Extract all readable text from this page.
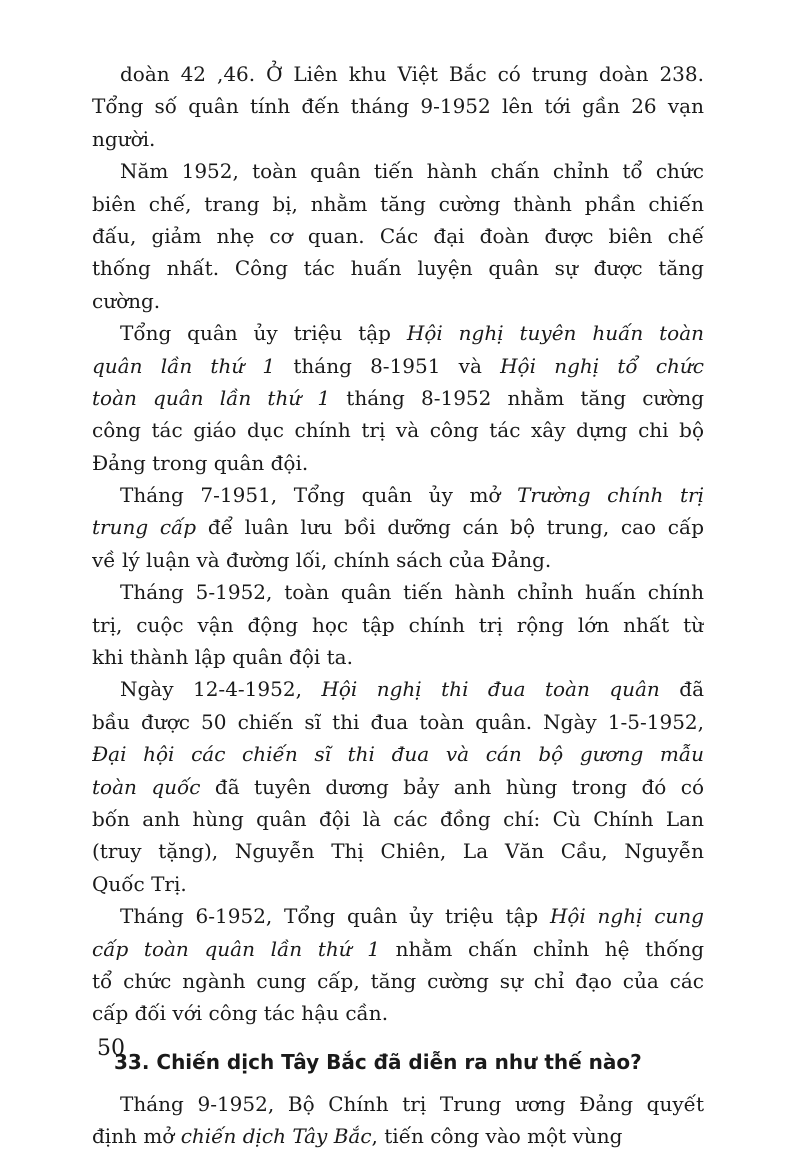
doàn 42 ,46. Ở Liên khu Việt Bắc có trung doàn 238.
Tổng số quân tính đến tháng 9-1952 lên tới gần 26 vạn
người.
Năm 1952, toàn quân tiến hành chấn chỉnh tổ chức
biên chế, trang bị, nhằm tăng cường thành phần chiến
đấu, giảm nhẹ cơ quan. Các đại đoàn được biên chế
thống nhất. Công tác huấn luyện quân sự được tăng
cường.
Tổng quân ủy triệu tập Hội nghị tuyên huấn toàn
quân lần thứ 1 tháng 8-1951 và Hội nghị tổ chức
toàn quân lần thứ 1 tháng 8-1952 nhằm tăng cường
công tác giáo dục chính trị và công tác xây dựng chi bộ
Đảng trong quân đội.
Tháng 7-1951, Tổng quân ủy mở Trường chính trị
trung cấp để luân lưu bồi dưỡng cán bộ trung, cao cấp
về lý luận và đường lối, chính sách của Đảng.
Tháng 5-1952, toàn quân tiến hành chỉnh huấn chính
trị, cuộc vận động học tập chính trị rộng lớn nhất từ
khi thành lập quân đội ta.
Ngày 12-4-1952, Hội nghị thi đua toàn quân đã
bầu được 50 chiến sĩ thi đua toàn quân. Ngày 1-5-1952,
Đại hội các chiến sĩ thi đua và cán bộ gương mẫu
toàn quốc đã tuyên dương bảy anh hùng trong đó có
bốn anh hùng quân đội là các đồng chí: Cù Chính Lan
(truy tặng), Nguyễn Thị Chiên, La Văn Cầu, Nguyễn
Quốc Trị.
Tháng 6-1952, Tổng quân ủy triệu tập Hội nghị cung
cấp toàn quân lần thứ 1 nhằm chấn chỉnh hệ thống
tổ chức ngành cung cấp, tăng cường sự chỉ đạo của các
cấp đối với công tác hậu cần.
33. Chiến dịch Tây Bắc đã diễn ra như thế nào?
Tháng 9-1952, Bộ Chính trị Trung ương Đảng quyết
định mở chiến dịch Tây Bắc, tiến công vào một vùng
50
